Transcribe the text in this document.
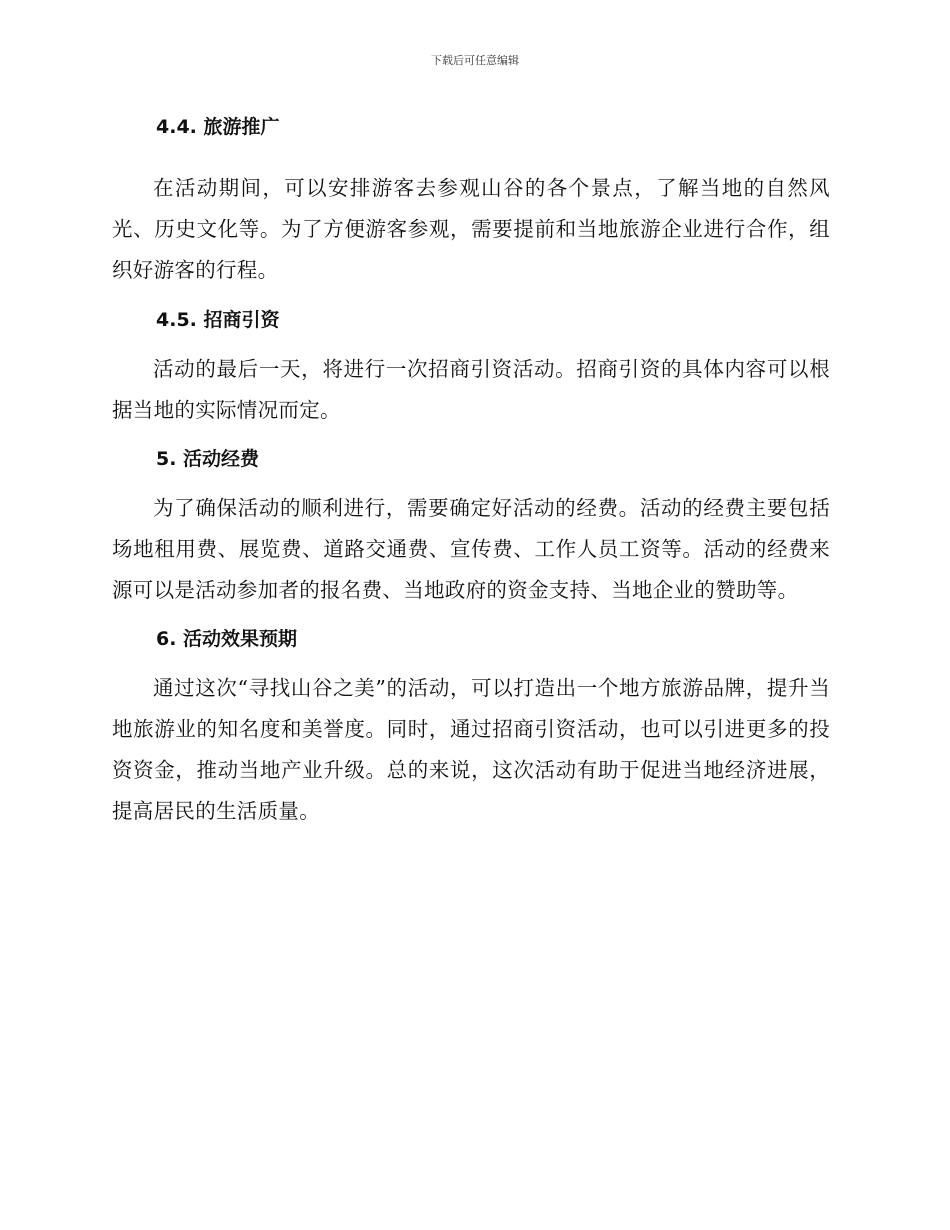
下载后可任意编辑
4.4. 旅游推广

在活动期间，可以安排游客去参观山谷的各个景点，了解当地的自然风光、历史文化等。为了方便游客参观，需要提前和当地旅游企业进行合作，组织好游客的行程。

4.5. 招商引资

活动的最后一天，将进行一次招商引资活动。招商引资的具体内容可以根据当地的实际情况而定。

5. 活动经费

为了确保活动的顺利进行，需要确定好活动的经费。活动的经费主要包括场地租用费、展览费、道路交通费、宣传费、工作人员工资等。活动的经费来源可以是活动参加者的报名费、当地政府的资金支持、当地企业的赞助等。

6. 活动效果预期

通过这次“寻找山谷之美”的活动，可以打造出一个地方旅游品牌，提升当地旅游业的知名度和美誉度。同时，通过招商引资活动，也可以引进更多的投资资金，推动当地产业升级。总的来说，这次活动有助于促进当地经济进展，提高居民的生活质量。
